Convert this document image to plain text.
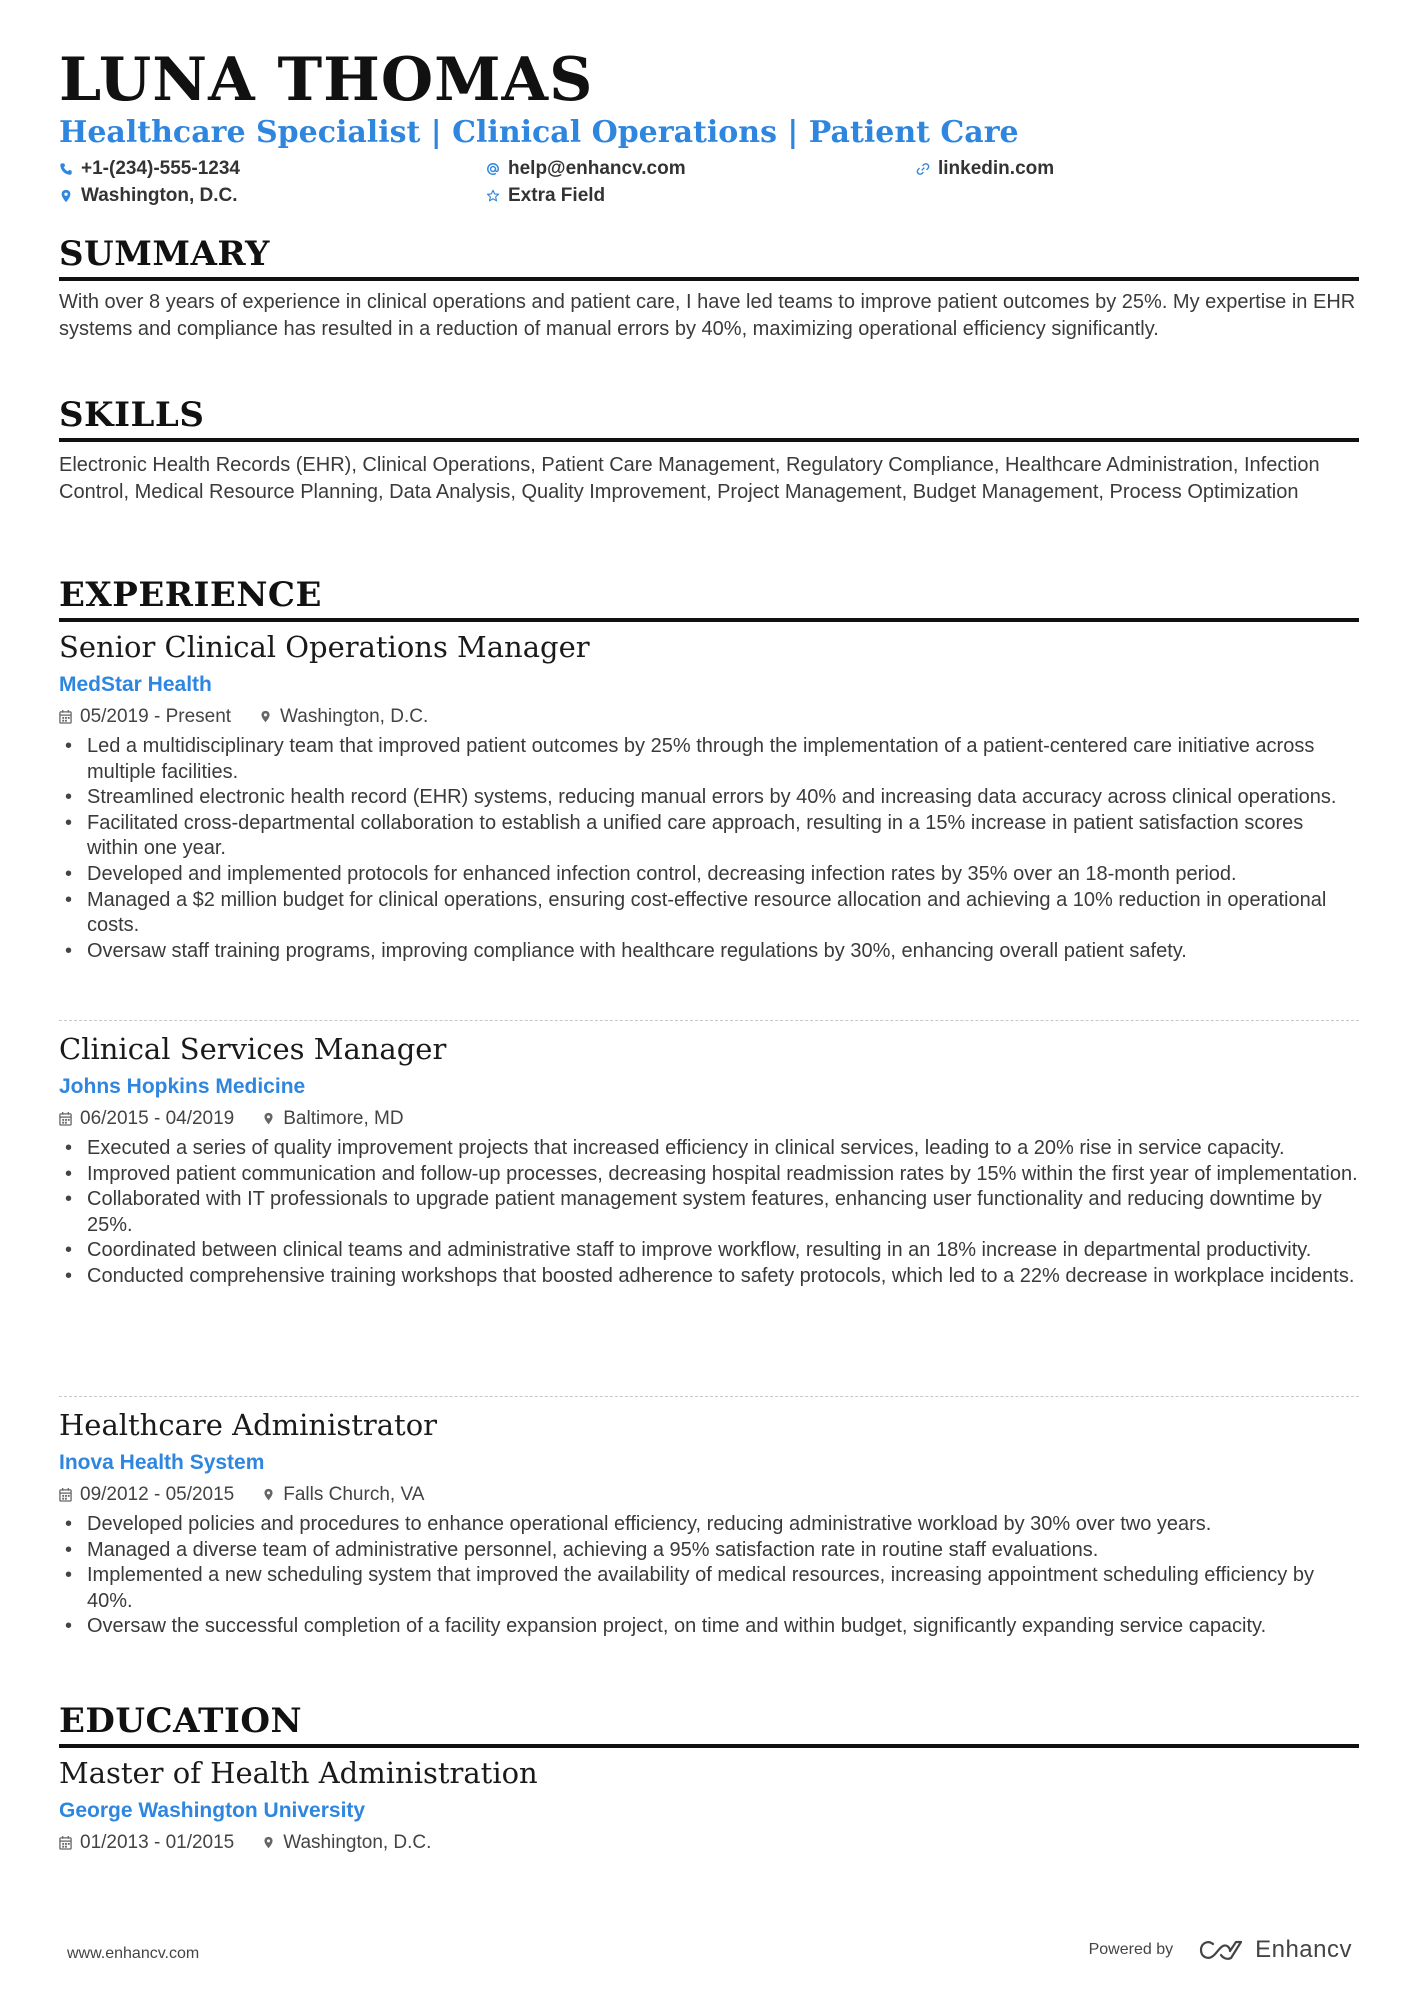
LUNA THOMAS
Healthcare Specialist | Clinical Operations | Patient Care
+1-(234)-555-1234	help@enhancv.com	linkedin.com
Washington, D.C.	Extra Field
SUMMARY
With over 8 years of experience in clinical operations and patient care, I have led teams to improve patient outcomes by 25%. My expertise in EHR systems and compliance has resulted in a reduction of manual errors by 40%, maximizing operational efficiency significantly.
SKILLS
Electronic Health Records (EHR), Clinical Operations, Patient Care Management, Regulatory Compliance, Healthcare Administration, Infection Control, Medical Resource Planning, Data Analysis, Quality Improvement, Project Management, Budget Management, Process Optimization
EXPERIENCE
Senior Clinical Operations Manager
MedStar Health
05/2019 - Present	Washington, D.C.
• Led a multidisciplinary team that improved patient outcomes by 25% through the implementation of a patient-centered care initiative across multiple facilities.
• Streamlined electronic health record (EHR) systems, reducing manual errors by 40% and increasing data accuracy across clinical operations.
• Facilitated cross-departmental collaboration to establish a unified care approach, resulting in a 15% increase in patient satisfaction scores within one year.
• Developed and implemented protocols for enhanced infection control, decreasing infection rates by 35% over an 18-month period.
• Managed a $2 million budget for clinical operations, ensuring cost-effective resource allocation and achieving a 10% reduction in operational costs.
• Oversaw staff training programs, improving compliance with healthcare regulations by 30%, enhancing overall patient safety.
Clinical Services Manager
Johns Hopkins Medicine
06/2015 - 04/2019	Baltimore, MD
• Executed a series of quality improvement projects that increased efficiency in clinical services, leading to a 20% rise in service capacity.
• Improved patient communication and follow-up processes, decreasing hospital readmission rates by 15% within the first year of implementation.
• Collaborated with IT professionals to upgrade patient management system features, enhancing user functionality and reducing downtime by 25%.
• Coordinated between clinical teams and administrative staff to improve workflow, resulting in an 18% increase in departmental productivity.
• Conducted comprehensive training workshops that boosted adherence to safety protocols, which led to a 22% decrease in workplace incidents.
Healthcare Administrator
Inova Health System
09/2012 - 05/2015	Falls Church, VA
• Developed policies and procedures to enhance operational efficiency, reducing administrative workload by 30% over two years.
• Managed a diverse team of administrative personnel, achieving a 95% satisfaction rate in routine staff evaluations.
• Implemented a new scheduling system that improved the availability of medical resources, increasing appointment scheduling efficiency by 40%.
• Oversaw the successful completion of a facility expansion project, on time and within budget, significantly expanding service capacity.
EDUCATION
Master of Health Administration
George Washington University
01/2013 - 01/2015	Washington, D.C.
www.enhancv.com	Powered by	Enhancv
